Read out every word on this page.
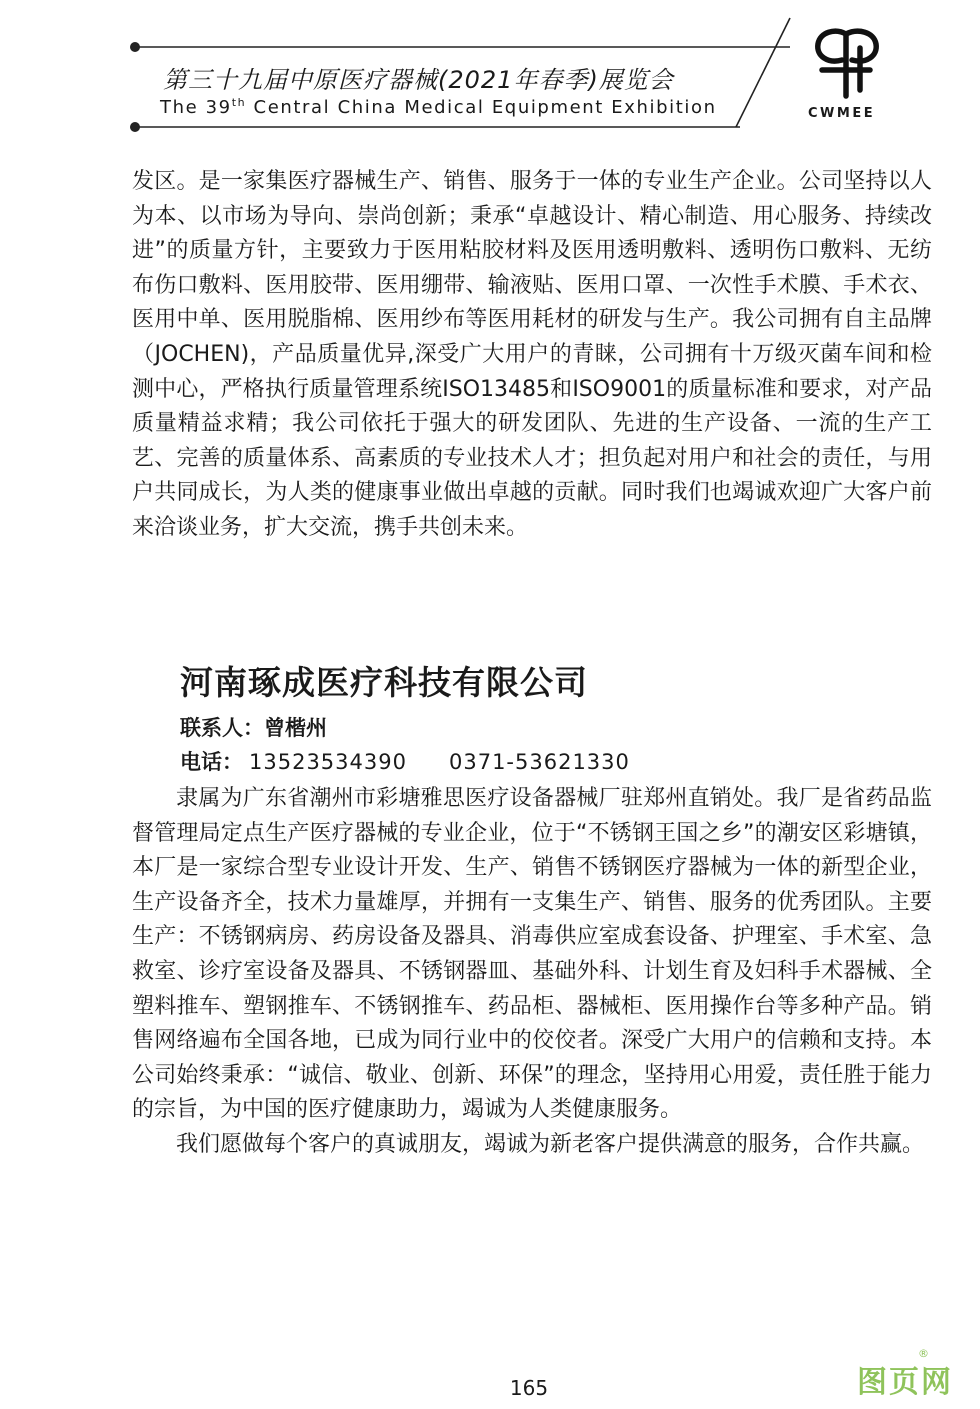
第三十九届中原医疗器械(2021年春季)展览会
The 39th Central China Medical Equipment Exhibition	CWMEE
发区。是一家集医疗器械生产、销售、服务于一体的专业生产企业。公司坚持以人为本、以市场为导向、崇尚创新；秉承“卓越设计、精心制造、用心服务、持续改进”的质量方针，主要致力于医用粘胶材料及医用透明敷料、透明伤口敷料、无纺布伤口敷料、医用胶带、医用绷带、输液贴、医用口罩、一次性手术膜、手术衣、医用中单、医用脱脂棉、医用纱布等医用耗材的研发与生产。我公司拥有自主品牌（JOCHEN)，产品质量优异,深受广大用户的青睐，公司拥有十万级灭菌车间和检测中心，严格执行质量管理系统ISO13485和ISO9001的质量标准和要求，对产品质量精益求精；我公司依托于强大的研发团队、先进的生产设备、一流的生产工艺、完善的质量体系、高素质的专业技术人才；担负起对用户和社会的责任，与用户共同成长，为人类的健康事业做出卓越的贡献。同时我们也竭诚欢迎广大客户前来洽谈业务，扩大交流，携手共创未来。
河南琢成医疗科技有限公司
联系人：曾楷州
电话： 13523534390 0371-53621330

隶属为广东省潮州市彩塘雅思医疗设备器械厂驻郑州直销处。我厂是省药品监督管理局定点生产医疗器械的专业企业，位于“不锈钢王国之乡”的潮安区彩塘镇，本厂是一家综合型专业设计开发、生产、销售不锈钢医疗器械为一体的新型企业，生产设备齐全，技术力量雄厚，并拥有一支集生产、销售、服务的优秀团队。主要生产：不锈钢病房、药房设备及器具、消毒供应室成套设备、护理室、手术室、急救室、诊疗室设备及器具、不锈钢器皿、基础外科、计划生育及妇科手术器械、全塑料推车、塑钢推车、不锈钢推车、药品柜、器械柜、医用操作台等多种产品。销售网络遍布全国各地，已成为同行业中的佼佼者。深受广大用户的信赖和支持。本公司始终秉承：“诚信、敬业、创新、环保”的理念，坚持用心用爱，责任胜于能力的宗旨，为中国的医疗健康助力，竭诚为人类健康服务。

我们愿做每个客户的真诚朋友，竭诚为新老客户提供满意的服务，合作共赢。

165	图页网
®
